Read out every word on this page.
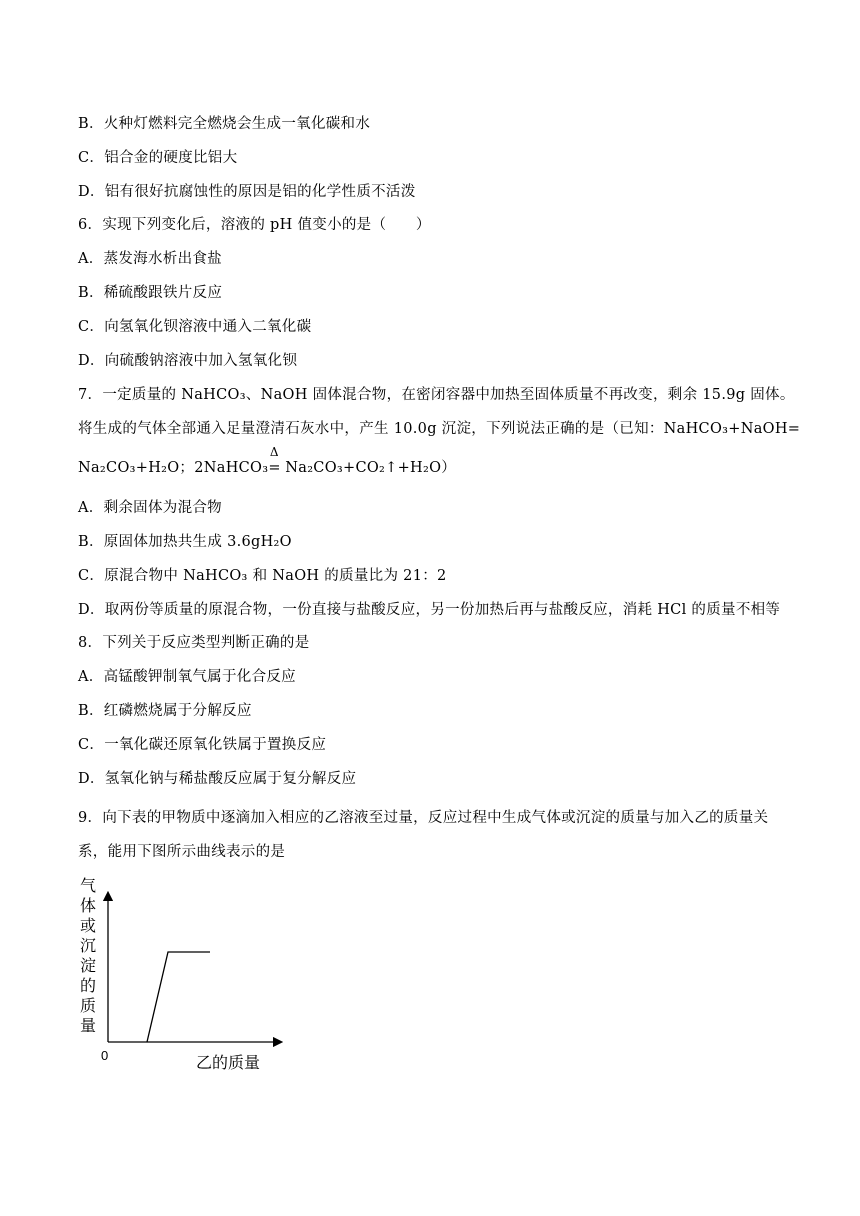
B．火种灯燃料完全燃烧会生成一氧化碳和水
C．铝合金的硬度比铝大
D．铝有很好抗腐蚀性的原因是铝的化学性质不活泼
6．实现下列变化后，溶液的 pH 值变小的是（　　）
A．蒸发海水析出食盐
B．稀硫酸跟铁片反应
C．向氢氧化钡溶液中通入二氧化碳
D．向硫酸钠溶液中加入氢氧化钡
7．一定质量的 NaHCO₃、NaOH 固体混合物，在密闭容器中加热至固体质量不再改变，剩余 15.9g 固体。
将生成的气体全部通入足量澄清石灰水中，产生 10.0g 沉淀，下列说法正确的是（已知：NaHCO₃+NaOH=
Na₂CO₃+H₂O；2NaHCO₃
Δ
= Na₂CO₃+CO₂↑+H₂O）
A．剩余固体为混合物
B．原固体加热共生成 3.6gH₂O
C．原混合物中 NaHCO₃ 和 NaOH 的质量比为 21：2
D．取两份等质量的原混合物，一份直接与盐酸反应，另一份加热后再与盐酸反应，消耗 HCl 的质量不相等
8．下列关于反应类型判断正确的是
A．高锰酸钾制氧气属于化合反应
B．红磷燃烧属于分解反应
C．一氧化碳还原氧化铁属于置换反应
D．氢氧化钠与稀盐酸反应属于复分解反应
9．向下表的甲物质中逐滴加入相应的乙溶液至过量，反应过程中生成气体或沉淀的质量与加入乙的质量关系，能用下图所示曲线表示的是
气
体
或
沉
淀
的
质
量
0	乙的质量
